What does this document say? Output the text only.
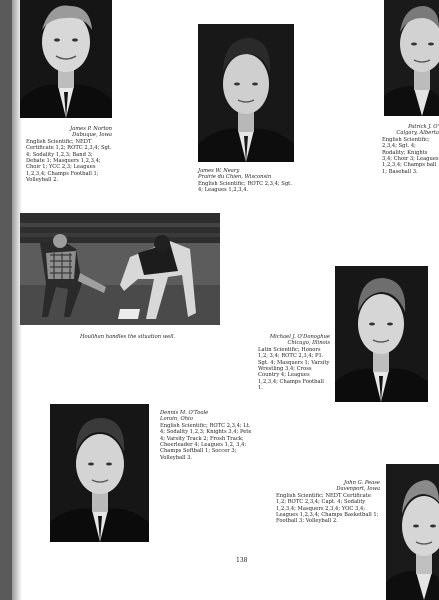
James P. Norton
Dubuque, Iowa
English Scientific; NEDT Certificate 1,2; ROTC 2,3,4; Sgt. 4; Sodality 1,2,3; Band 3; Debate 1; Masquers 1,2,3,4; Choir 1; YCC 2,3; Leagues 1,2,3,4; Champs Football 1; Volleyball 2.
James W. Neary
Prairie du Chien, Wisconsin
English Scientific; ROTC 2,3,4; Sgt. 4; Leagues 1,2,3,4.
Patrick J. O'
Calgary, Alberta
English Scientific; 2,3,4; Sgt. 4; Rodality; Knights 3,4; Choir 3; Leagues 1,2,3,4; Champs ball 1; Baseball 3.
Houlihan handles the situation well.	Michael J. O'Donoghue
Chicago, Illinois
Latin Scientific; Honors 1,2, 3,4; ROTC 2,3,4; P1. Sgt. 4; Masquers 1; Varsity Wrestling 3,4; Cross Country 4; Leagues 1,2,3,4; Champs Football 1.
Dennis M. O'Toole
Lorain, Ohio
English Scientific; ROTC 2,3,4; Lt. 4; Sodality 1,2,3; Knights 3,4; Pete 4; Varsity Track 2; Frosh Track; Cheerleader 4; Leagues 1,2, 3,4; Champs Softball 1; Soccer 3; Volleyball 3.
John G. Pease
Davenport, Iowa
English Scientific; NEDT Certificate 1,2; ROTC 2,3,4; Capt. 4; Sodality 1,2,3,4; Masquers 2,3,4; YOC 3,4; Leagues 1,2,3,4; Champs Basketball 1; Football 3; Volleyball 2.
138
